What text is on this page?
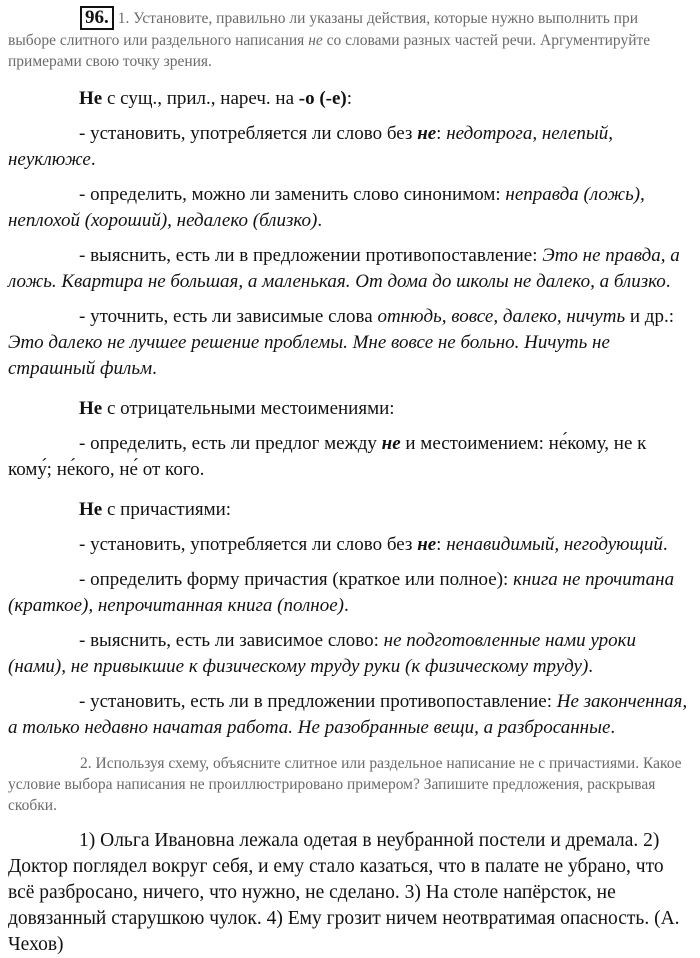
96. 1. Установите, правильно ли указаны действия, которые нужно выполнить при выборе слитного или раздельного написания не со словами разных частей речи. Аргументируйте примерами свою точку зрения.

Не с сущ., прил., нареч. на -о (-е):

- установить, употребляется ли слово без не: недотрога, нелепый, неуклюже.

- определить, можно ли заменить слово синонимом: неправда (ложь), неплохой (хороший), недалеко (близко).

- выяснить, есть ли в предложении противопоставление: Это не правда, а ложь. Квартира не большая, а маленькая. От дома до школы не далеко, а близко.

- уточнить, есть ли зависимые слова отнюдь, вовсе, далеко, ничуть и др.: Это далеко не лучшее решение проблемы. Мне вовсе не больно. Ничуть не страшный фильм.

Не с отрицательными местоимениями:

- определить, есть ли предлог между не и местоимением: не́кому, не к кому́; не́кого, не́ от кого.

Не с причастиями:

- установить, употребляется ли слово без не: ненавидимый, негодующий.

- определить форму причастия (краткое или полное): книга не прочитана (краткое), непрочитанная книга (полное).

- выяснить, есть ли зависимое слово: не подготовленные нами уроки (нами), не привыкшие к физическому труду руки (к физическому труду).

- установить, есть ли в предложении противопоставление: Не законченная, а только недавно начатая работа. Не разобранные вещи, а разбросанные.

2. Используя схему, объясните слитное или раздельное написание не с причастиями. Какое условие выбора написания не проиллюстрировано примером? Запишите предложения, раскрывая скобки.

1) Ольга Ивановна лежала одетая в неубранной постели и дремала. 2) Доктор поглядел вокруг себя, и ему стало казаться, что в палате не убрано, что всё разбросано, ничего, что нужно, не сделано. 3) На столе напёрсток, не довязанный старушкою чулок. 4) Ему грозит ничем неотвратимая опасность. (А. Чехов)
